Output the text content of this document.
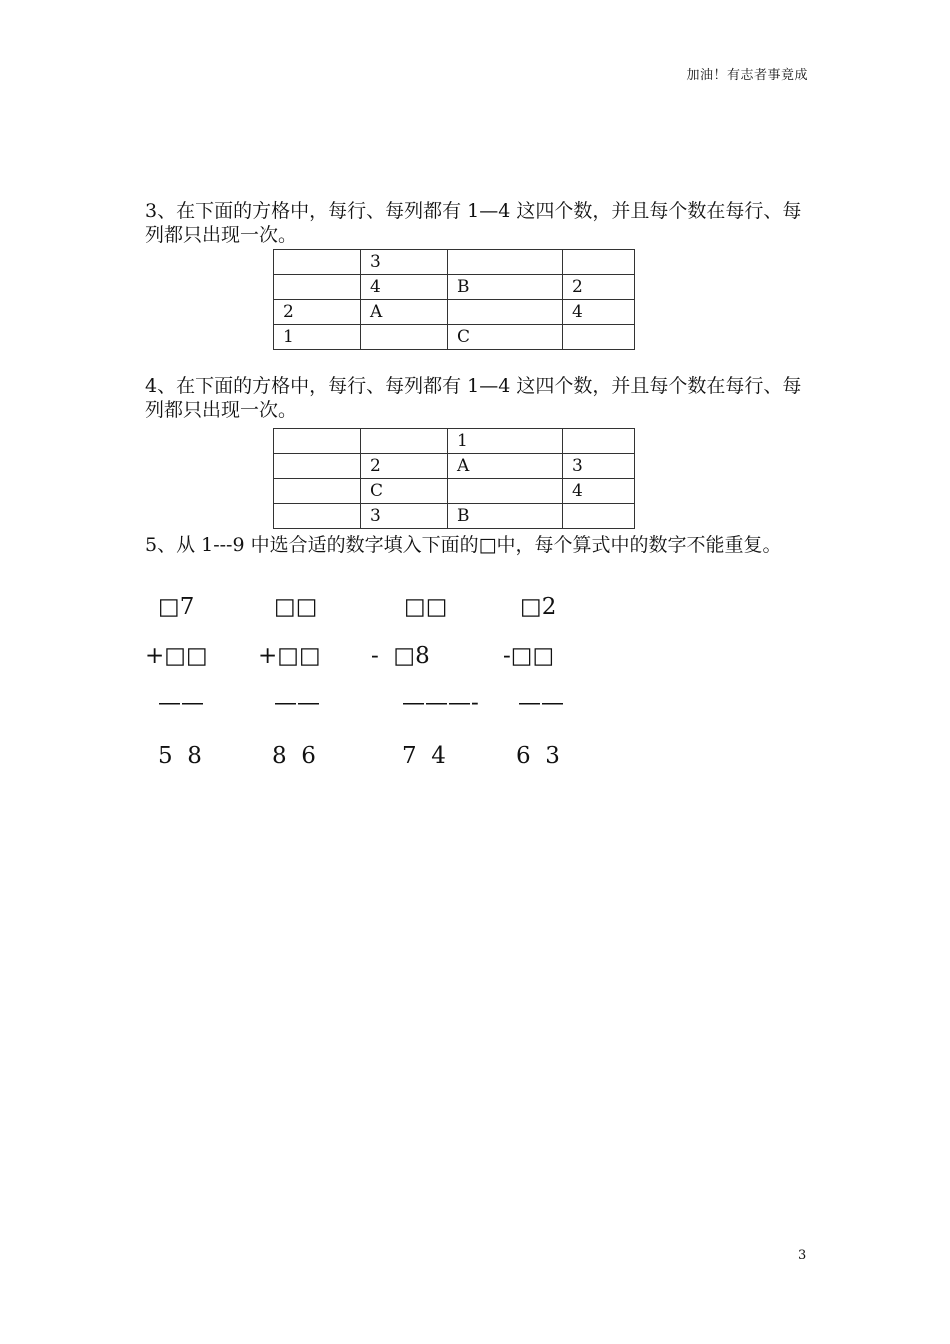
加油！有志者事竟成
3、在下面的方格中，每行、每列都有 1—4 这四个数，并且每个数在每行、每列都只出现一次。
	3		
	4	B	2
2	A		4
1		C	
4、在下面的方格中，每行、每列都有 1—4 这四个数，并且每个数在每行、每列都只出现一次。
		1	
	2	A	3
	C		4
	3	B	
5、从 1---9 中选合适的数字填入下面的□中，每个算式中的数字不能重复。
□7
+□□
——
5  8
□□
+□□
——
8  6
□□
-  □8
———-
7  4
□2
-□□
——
6  3
3
